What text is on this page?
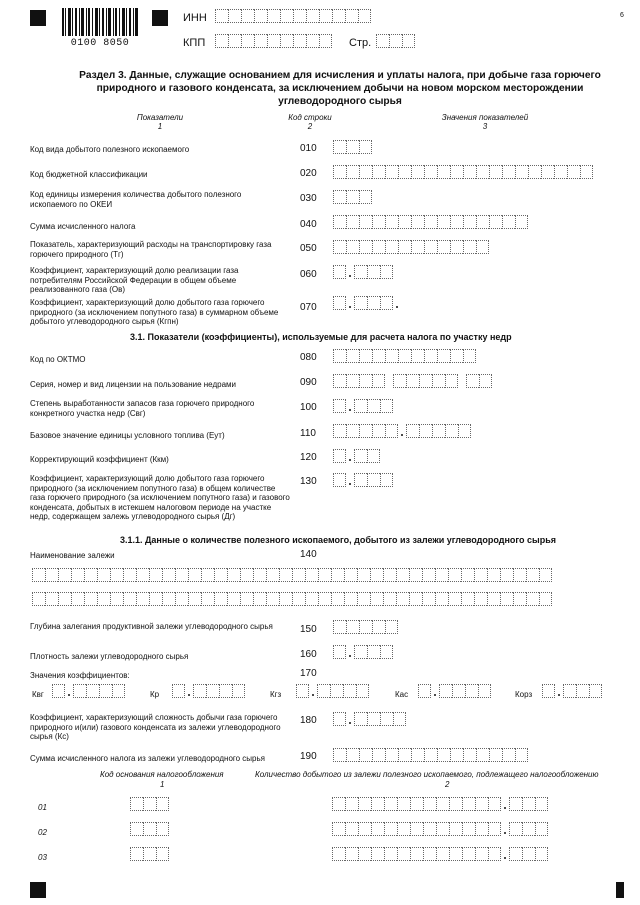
0100 8050
ИНН
КПП	Стр.
6
Раздел 3. Данные, служащие основанием для исчисления и уплаты налога, при добыче газа горючего
природного и газового конденсата, за исключением добычи на новом морском месторождении
углеводородного сырья
Показатели
1
Код строки
2
Значения показателей
3
Код вида добытого полезного ископаемого	010
Код бюджетной классификации	020
Код единицы измерения количества добытого полезного ископаемого по ОКЕИ	030
Сумма исчисленного налога	040
Показатель, характеризующий расходы на транспортировку газа горючего природного (Тг)	050
Коэффициент, характеризующий долю реализации газа потребителям Российской Федерации в общем объеме реализованного газа (Ов)
060
Коэффициент, характеризующий долю добытого газа горючего природного (за исключением попутного газа) в суммарном объеме добытого углеводородного сырья (Кгпн)
070
3.1. Показатели (коэффициенты), используемые для расчета налога по участку недр
Код по ОКТМО	080
Серия, номер и вид лицензии на пользование недрами	090
Степень выработанности запасов газа горючего природного конкретного участка недр (Свг)	100
Базовое значение единицы условного топлива (Еут)	110
Корректирующий коэффициент (Ккм)	120
Коэффициент, характеризующий долю добытого газа горючего природного (за исключением попутного газа) в общем количестве газа горючего природного (за исключением попутного газа) и газового конденсата, добытых в истекшем налоговом периоде на участке недр, содержащем залежь углеводородного сырья (Дг)
130
3.1.1. Данные о количестве полезного ископаемого, добытого из залежи углеводородного сырья
Наименование залежи	140
Глубина залегания продуктивной залежи углеводородного сырья	150
Плотность залежи углеводородного сырья	160
Значения коэффициентов:	170
Квг	Кр	Кгз	Кас	Корз
Коэффициент, характеризующий сложность добычи газа горючего природного и(или) газового конденсата из залежи углеводородного сырья (Кс)
180
Сумма исчисленного налога из залежи углеводородного сырья	190
Код основания налогообложения
1
Количество добытого из залежи полезного ископаемого, подлежащего налогообложению
2
01
02
03
